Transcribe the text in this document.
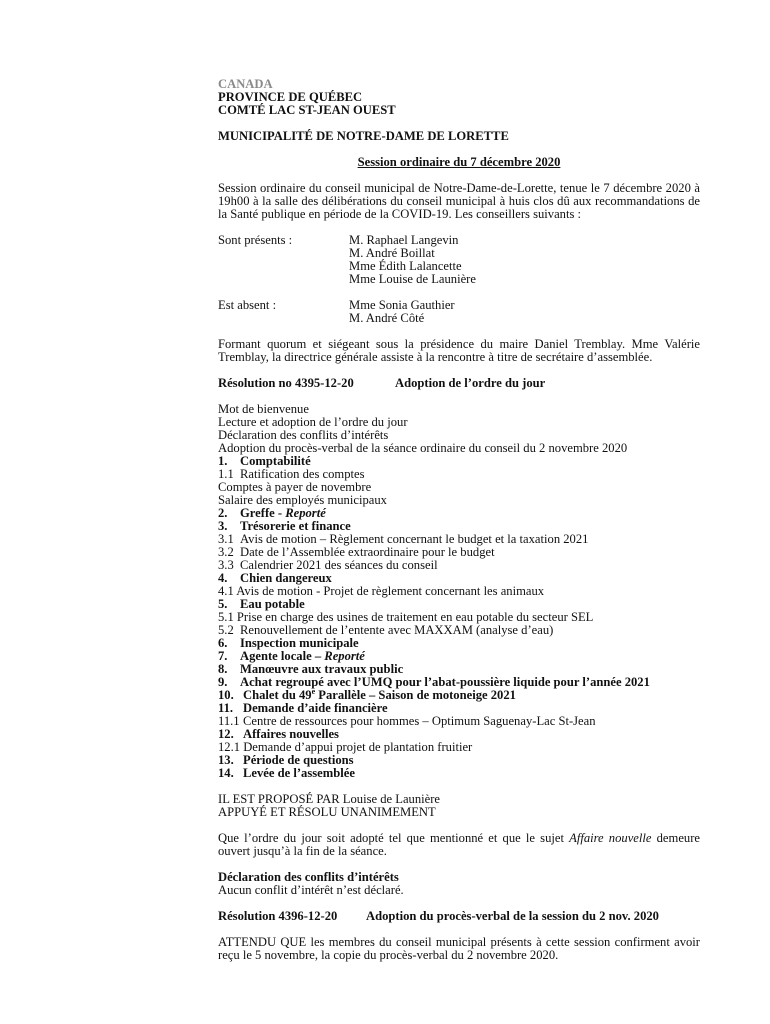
CANADA
PROVINCE DE QUÉBEC
COMTÉ LAC ST-JEAN OUEST
MUNICIPALITÉ DE NOTRE-DAME DE LORETTE
Session ordinaire du 7 décembre 2020
Session ordinaire du conseil municipal de Notre-Dame-de-Lorette, tenue le 7 décembre 2020 à 19h00 à la salle des délibérations du conseil municipal à huis clos dû aux recommandations de la Santé publique en période de la COVID-19. Les conseillers suivants :
Sont présents :	M. Raphael Langevin
M. André Boillat
Mme Édith Lalancette
Mme Louise de Launière
Est absent :	Mme Sonia Gauthier
M. André Côté
Formant quorum et siégeant sous la présidence du maire Daniel Tremblay. Mme Valérie Tremblay, la directrice générale assiste à la rencontre à titre de secrétaire d’assemblée.
Résolution no 4395-12-20	Adoption de l’ordre du jour
Mot de bienvenue
Lecture et adoption de l’ordre du jour
Déclaration des conflits d’intérêts
Adoption du procès-verbal de la séance ordinaire du conseil du 2 novembre 2020
1. Comptabilité
1.1 Ratification des comptes
Comptes à payer de novembre
Salaire des employés municipaux
2. Greffe - Reporté
3. Trésorerie et finance
3.1 Avis de motion – Règlement concernant le budget et la taxation 2021
3.2 Date de l’Assemblée extraordinaire pour le budget
3.3 Calendrier 2021 des séances du conseil
4. Chien dangereux
4.1 Avis de motion - Projet de règlement concernant les animaux
5. Eau potable
5.1 Prise en charge des usines de traitement en eau potable du secteur SEL
5.2 Renouvellement de l’entente avec MAXXAM (analyse d’eau)
6. Inspection municipale
7. Agente locale – Reporté
8. Manœuvre aux travaux public
9. Achat regroupé avec l’UMQ pour l’abat-poussière liquide pour l’année 2021
10. Chalet du 49e Parallèle – Saison de motoneige 2021
11. Demande d’aide financière
11.1 Centre de ressources pour hommes – Optimum Saguenay-Lac St-Jean
12. Affaires nouvelles
12.1 Demande d’appui projet de plantation fruitier
13. Période de questions
14. Levée de l’assemblée
IL EST PROPOSÉ PAR Louise de Launière
APPUYÉ ET RÉSOLU UNANIMEMENT
Que l’ordre du jour soit adopté tel que mentionné et que le sujet Affaire nouvelle demeure ouvert jusqu’à la fin de la séance.
Déclaration des conflits d’intérêts
Aucun conflit d’intérêt n’est déclaré.
Résolution 4396-12-20	Adoption du procès-verbal de la session du 2 nov. 2020
ATTENDU QUE les membres du conseil municipal présents à cette session confirment avoir reçu le 5 novembre, la copie du procès-verbal du 2 novembre 2020.
